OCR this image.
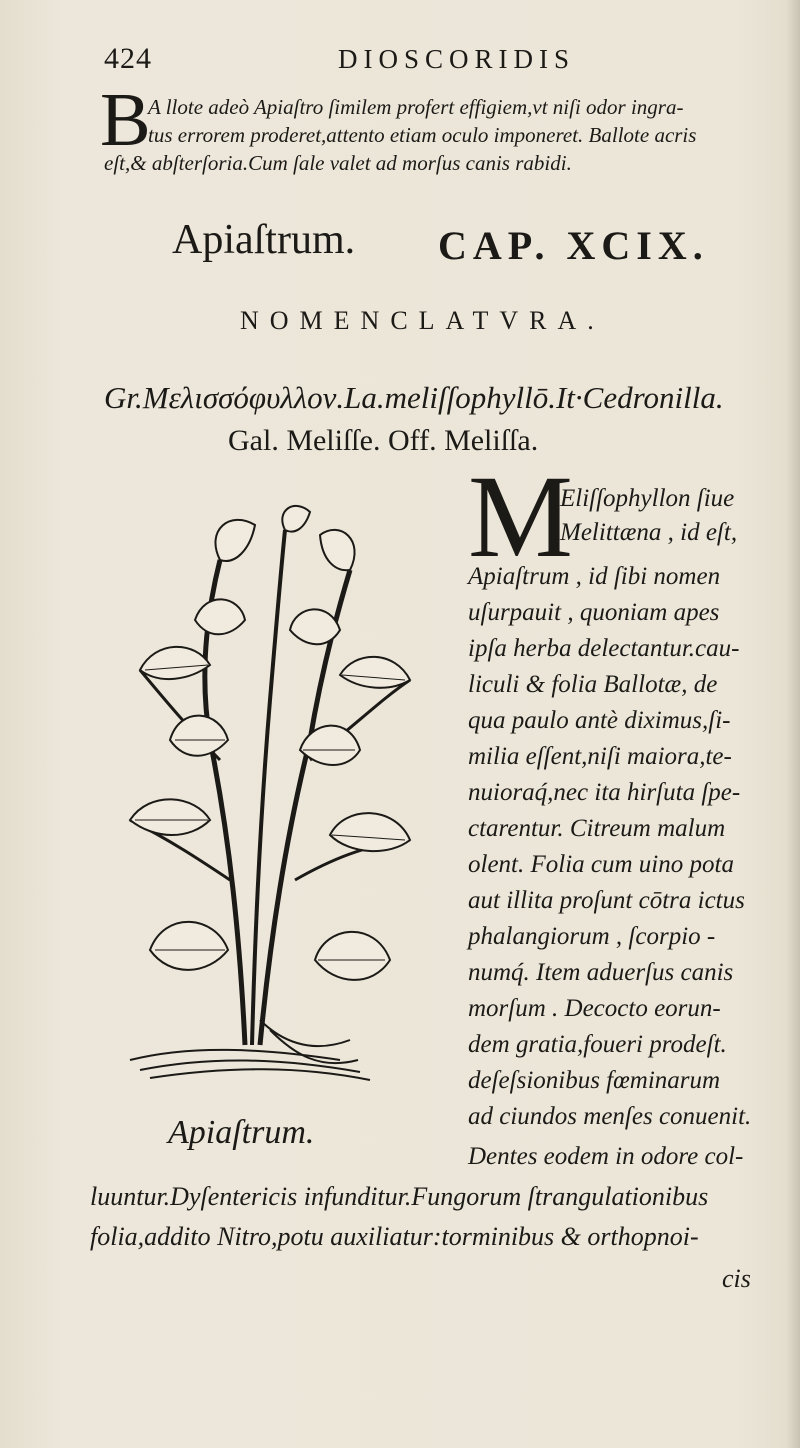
424	DIOSCORIDIS
B
A llote adeò Apiaſtro ſimilem profert effigiem,vt niſi odor ingra-
tus errorem proderet,attento etiam oculo imponeret. Ballote acris
eſt,& abſterſoria.Cum ſale valet ad morſus canis rabidi.
Apiaſtrum. CAP. XCIX.
NOMENCLATVRA.
Gr.Μελισσόφυλλον.La.meliſſophyllō.It·Cedronilla.
Gal. Meliſſe. Off. Meliſſa.
M
Eliſſophyllon ſiue
Melittæna , id eſt,
Apiaſtrum , id ſibi nomen
uſurpauit , quoniam apes
ipſa herba delectantur.cau-
liculi & folia Ballotæ, de
qua paulo antè diximus,ſi-
milia eſſent,niſi maiora,te-
nuioraq́,nec ita hirſuta ſpe-
ctarentur. Citreum malum
olent. Folia cum uino pota
aut illita proſunt cōtra ictus
phalangiorum , ſcorpio -
numq́. Item aduerſus canis
morſum . Decocto eorun-
dem gratia,foueri prodeſt.
deſeſsionibus fœminarum
ad ciundos menſes conuenit.
Dentes eodem in odore col-
Apiaſtrum.
luuntur.Dyſentericis infunditur.Fungorum ſtrangulationibus
folia,addito Nitro,potu auxiliatur:torminibus & orthopnoi-
cis
